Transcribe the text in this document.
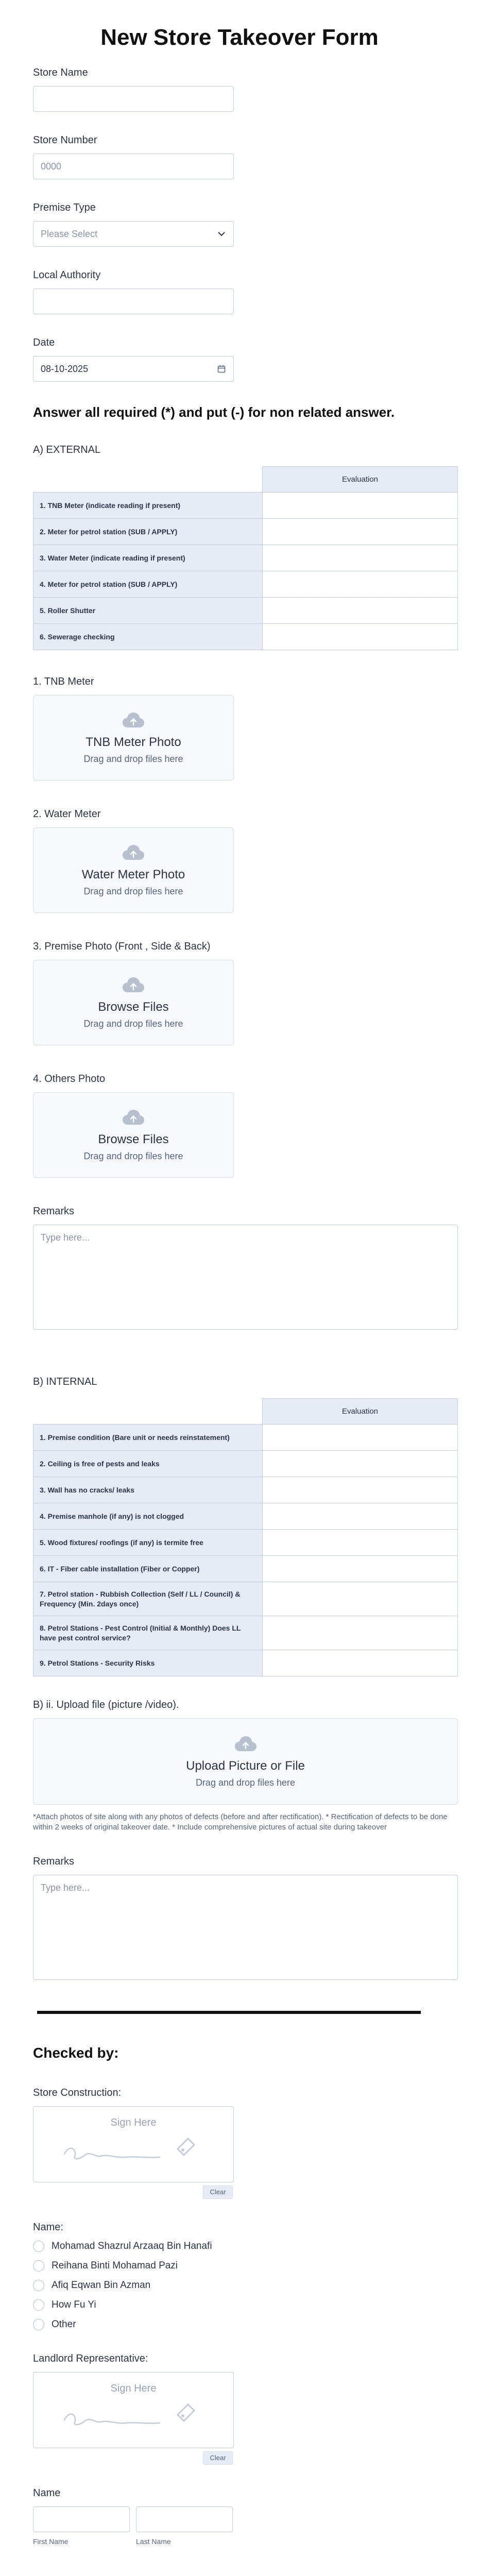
New Store Takeover Form
Store Name
Store Number
0000
Premise Type
Please Select
Local Authority
Date
08-10-2025
Answer all required (*) and put (-) for non related answer.
A) EXTERNAL
	Evaluation
1. TNB Meter (indicate reading if present)	
2. Meter for petrol station (SUB / APPLY)	
3. Water Meter (indicate reading if present)	
4. Meter for petrol station (SUB / APPLY)	
5. Roller Shutter	
6. Sewerage checking	
1. TNB Meter
TNB Meter Photo
Drag and drop files here
2. Water Meter
Water Meter Photo
Drag and drop files here
3. Premise Photo (Front , Side & Back)
Browse Files
Drag and drop files here
4. Others Photo
Browse Files
Drag and drop files here
Remarks
Type here...
B) INTERNAL
	Evaluation
1. Premise condition (Bare unit or needs reinstatement)	
2. Ceiling is free of pests and leaks	
3. Wall has no cracks/ leaks	
4. Premise manhole (if any) is not clogged	
5. Wood fixtures/ roofings (if any) is termite free	
6. IT - Fiber cable installation (Fiber or Copper)	
7. Petrol station - Rubbish Collection (Self / LL / Council) & Frequency (Min. 2days once)	
8. Petrol Stations - Pest Control (Initial & Monthly) Does LL have pest control service?	
9. Petrol Stations - Security Risks	
B) ii. Upload file (picture /video).
Upload Picture or File
Drag and drop files here
*Attach photos of site along with any photos of defects (before and after rectification). * Rectification of defects to be done within 2 weeks of original takeover date. * Include comprehensive pictures of actual site during takeover
Remarks
Type here...
Checked by:
Store Construction:
Sign Here
Clear
Name:
Mohamad Shazrul Arzaaq Bin Hanafi
Reihana Binti Mohamad Pazi
Afiq Eqwan Bin Azman
How Fu Yi
Other
Landlord Representative:
Sign Here
Clear
Name
First Name	Last Name
